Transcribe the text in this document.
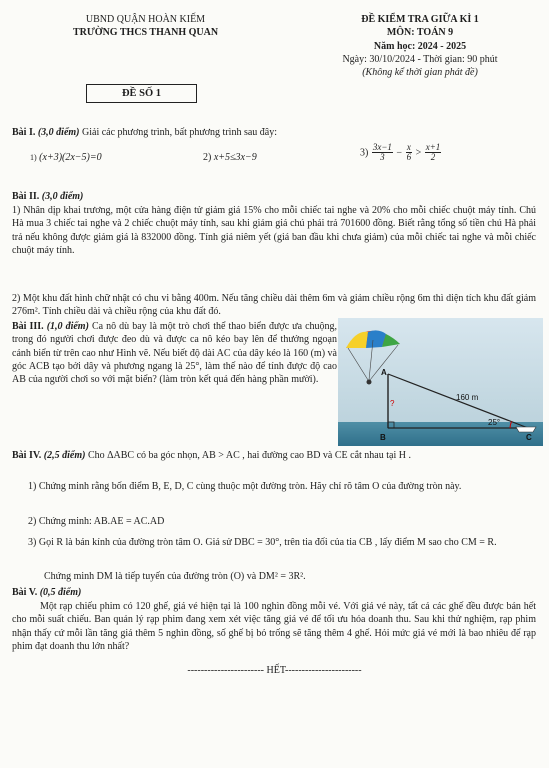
UBND QUẬN HOÀN KIẾM
TRƯỜNG THCS THANH QUAN
ĐỀ SỐ 1
ĐỀ KIỂM TRA GIỮA KÌ 1
MÔN: TOÁN 9
Năm học: 2024 - 2025
Ngày: 30/10/2024 - Thời gian: 90 phút
(Không kể thời gian phát đề)
Bài I. (3,0 điểm) Giải các phương trình, bất phương trình sau đây:
1) (x+3)(2x−5)=0	2) x+5≤3x−9	$3) \frac{3x-1}{3} - \frac{x}{6} > \frac{x+1}{2}$
Bài II. (3,0 điểm)
1) Nhân dịp khai trương, một cửa hàng điện tử giảm giá 15% cho mỗi chiếc tai nghe và 20% cho mỗi chiếc chuột máy tính. Chú Hà mua 3 chiếc tai nghe và 2 chiếc chuột máy tính, sau khi giảm giá chú phải trả 701600 đồng. Biết rằng tổng số tiền chú Hà phải trả nếu không được giảm giá là 832000 đồng. Tính giá niêm yết (giá ban đầu khi chưa giảm) của mỗi chiếc tai nghe và mỗi chiếc chuột máy tính.
2) Một khu đất hình chữ nhật có chu vi bằng 400m. Nếu tăng chiều dài thêm 6m và giảm chiều rộng 6m thì diện tích khu đất giảm 276m². Tính chiều dài và chiều rộng của khu đất đó.
Bài III. (1,0 điểm) Ca nô dù bay là một trò chơi thể thao biển được ưa chuộng, trong đó người chơi được đeo dù và được ca nô kéo bay lên để thưởng ngoạn cảnh biển từ trên cao như Hình vẽ. Nếu biết độ dài AC của dây kéo là 160 (m) và góc ACB tạo bởi dây và phương ngang là 25°, làm thế nào để tính được độ cao AB của người chơi so với mặt biển? (làm tròn kết quả đến hàng phần mười).
A
B	C
160 m
25°
?
Bài IV. (2,5 điểm) Cho ΔABC có ba góc nhọn, AB > AC , hai đường cao BD và CE cắt nhau tại H .
1) Chứng minh rằng bốn điểm B, E, D, C cùng thuộc một đường tròn. Hãy chỉ rõ tâm O của đường tròn này.
2) Chứng minh: AB.AE = AC.AD
3) Gọi R là bán kính của đường tròn tâm O. Giả sử DBC = 30°, trên tia đối của tia CB , lấy điểm M sao cho CM = R.
Chứng minh DM là tiếp tuyến của đường tròn (O) và DM² = 3R².
Bài V. (0,5 điểm)
Một rạp chiếu phim có 120 ghế, giá vé hiện tại là 100 nghìn đồng mỗi vé. Với giá vé này, tất cả các ghế đều được bán hết cho mỗi suất chiếu. Ban quản lý rạp phim đang xem xét việc tăng giá vé để tối ưu hóa doanh thu. Sau khi thử nghiệm, rạp phim nhận thấy cứ mỗi lần tăng giá thêm 5 nghìn đồng, số ghế bị bỏ trống sẽ tăng thêm 4 ghế. Hỏi mức giá vé mới là bao nhiêu để rạp phim đạt doanh thu lớn nhất?
----------------------- HẾT-----------------------
